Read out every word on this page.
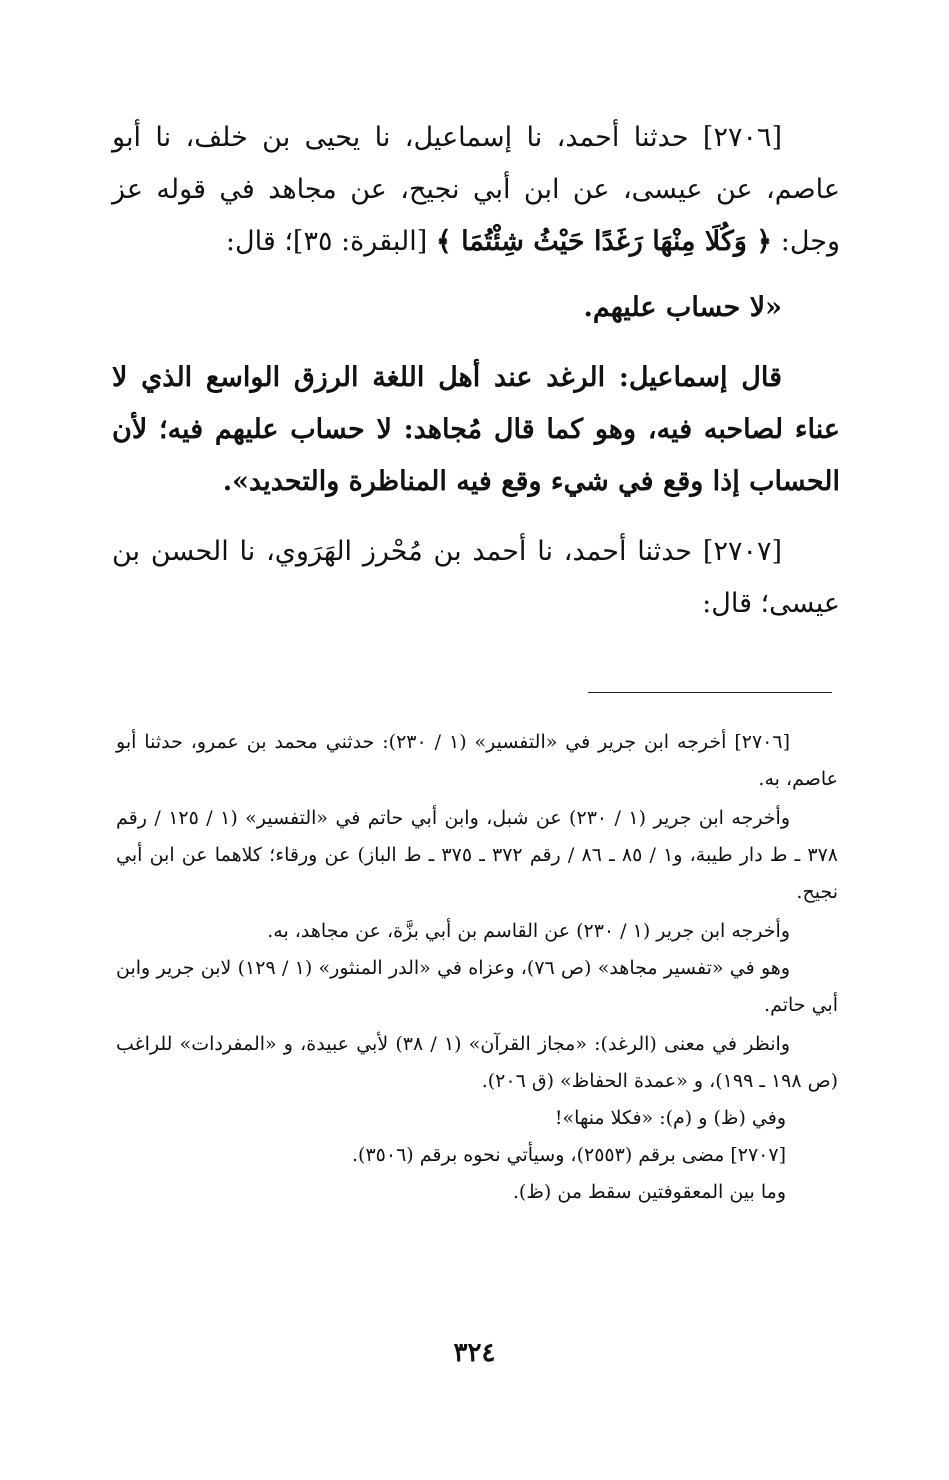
[٢٧٠٦] حدثنا أحمد، نا إسماعيل، نا يحيى بن خلف، نا أبو عاصم، عن عيسى، عن ابن أبي نجيح، عن مجاهد في قوله عز وجل: ﴿ وَكُلَا مِنْهَا رَغَدًا حَيْثُ شِئْتُمَا ﴾ [البقرة: ٣٥]؛ قال:

«لا حساب عليهم.

قال إسماعيل: الرغد عند أهل اللغة الرزق الواسع الذي لا عناء لصاحبه فيه، وهو كما قال مُجاهد: لا حساب عليهم فيه؛ لأن الحساب إذا وقع في شيء وقع فيه المناظرة والتحديد».

[٢٧٠٧] حدثنا أحمد، نا أحمد بن مُحْرز الهَرَوي، نا الحسن بن عيسى؛ قال:

[٢٧٠٦] أخرجه ابن جرير في «التفسير» (١ / ٢٣٠): حدثني محمد بن عمرو، حدثنا أبو عاصم، به.

وأخرجه ابن جرير (١ / ٢٣٠) عن شبل، وابن أبي حاتم في «التفسير» (١ / ١٢٥ / رقم ٣٧٨ ـ ط دار طيبة، و١ / ٨٥ ـ ٨٦ / رقم ٣٧٢ ـ ٣٧٥ ـ ط الباز) عن ورقاء؛ كلاهما عن ابن أبي نجيح.

وأخرجه ابن جرير (١ / ٢٣٠) عن القاسم بن أبي بزَّة، عن مجاهد، به.

وهو في «تفسير مجاهد» (ص ٧٦)، وعزاه في «الدر المنثور» (١ / ١٢٩) لابن جرير وابن أبي حاتم.

وانظر في معنى (الرغد): «مجاز القرآن» (١ / ٣٨) لأبي عبيدة، و «المفردات» للراغب (ص ١٩٨ ـ ١٩٩)، و «عمدة الحفاظ» (ق ٢٠٦).

وفي (ظ) و (م): «فكلا منها»!

[٢٧٠٧] مضى برقم (٢٥٥٣)، وسيأتي نحوه برقم (٣٥٠٦).

وما بين المعقوفتين سقط من (ظ).

٣٢٤
